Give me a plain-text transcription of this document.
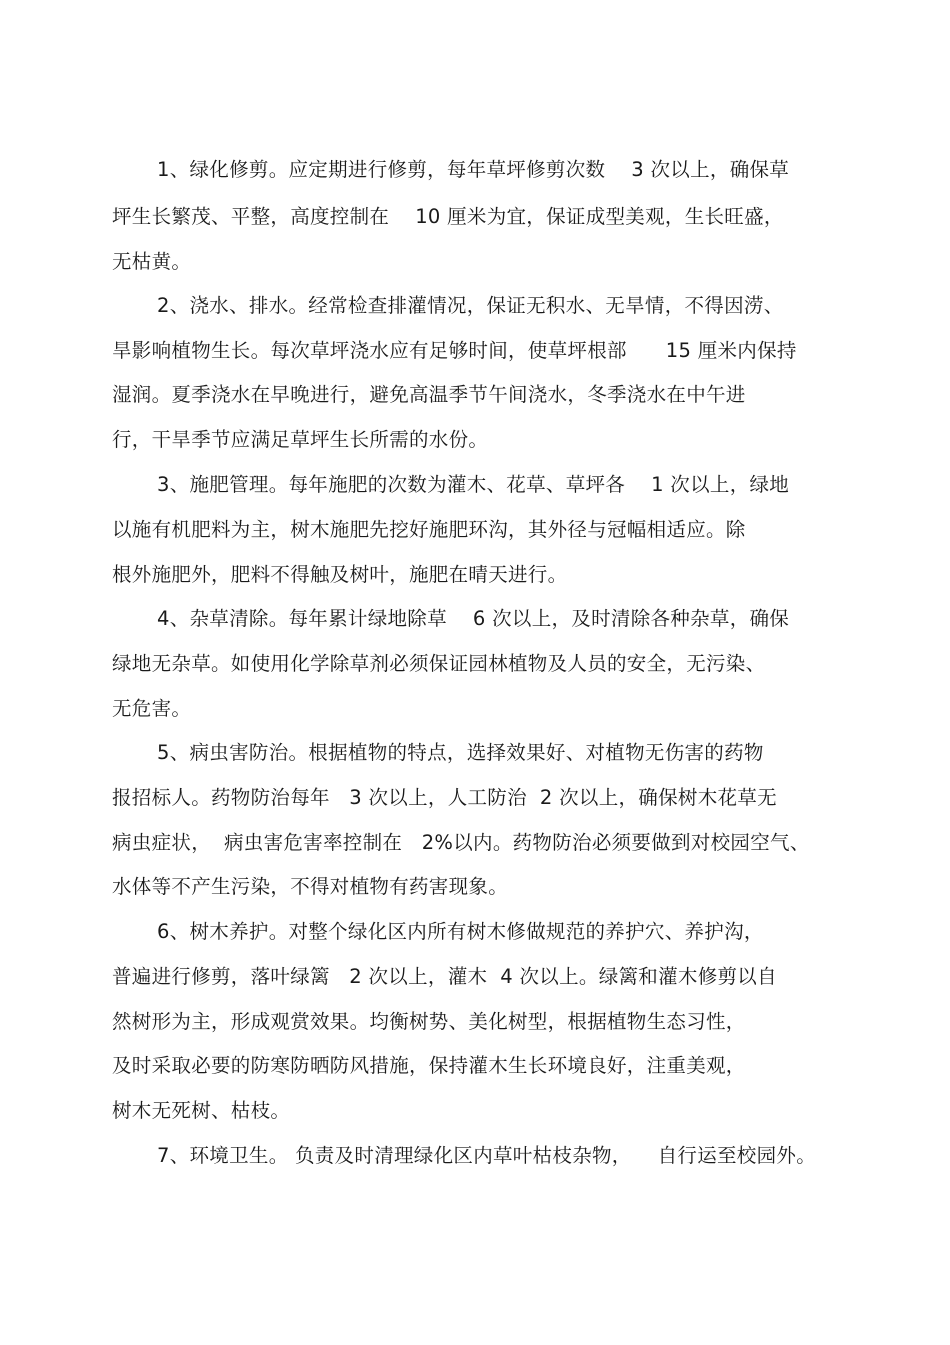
1、绿化修剪。应定期进行修剪，每年草坪修剪次数    3 次以上，确保草
坪生长繁茂、平整，高度控制在    10 厘米为宜，保证成型美观，生长旺盛，
无枯黄。
2、浇水、排水。经常检查排灌情况，保证无积水、无旱情，不得因涝、
旱影响植物生长。每次草坪浇水应有足够时间，使草坪根部      15 厘米内保持
湿润。夏季浇水在早晚进行，避免高温季节午间浇水，冬季浇水在中午进
行，干旱季节应满足草坪生长所需的水份。
3、施肥管理。每年施肥的次数为灌木、花草、草坪各    1 次以上，绿地
以施有机肥料为主，树木施肥先挖好施肥环沟，其外径与冠幅相适应。除
根外施肥外，肥料不得触及树叶，施肥在晴天进行。
4、杂草清除。每年累计绿地除草    6 次以上，及时清除各种杂草，确保
绿地无杂草。如使用化学除草剂必须保证园林植物及人员的安全，无污染、
无危害。
5、病虫害防治。根据植物的特点，选择效果好、对植物无伤害的药物
报招标人。药物防治每年   3 次以上，人工防治  2 次以上，确保树木花草无
病虫症状，  病虫害危害率控制在   2%以内。药物防治必须要做到对校园空气、
水体等不产生污染，不得对植物有药害现象。
6、树木养护。对整个绿化区内所有树木修做规范的养护穴、养护沟，
普遍进行修剪，落叶绿篱   2 次以上，灌木  4 次以上。绿篱和灌木修剪以自
然树形为主，形成观赏效果。均衡树势、美化树型，根据植物生态习性，
及时采取必要的防寒防晒防风措施，保持灌木生长环境良好，注重美观，
树木无死树、枯枝。
7、环境卫生。 负责及时清理绿化区内草叶枯枝杂物，    自行运至校园外。
